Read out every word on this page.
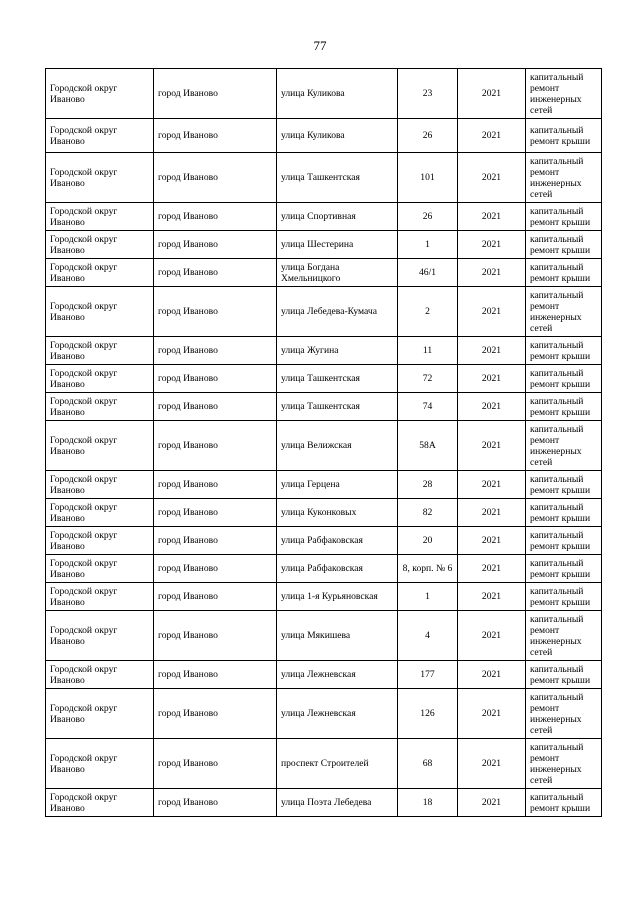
77
Городской округ Иваново	город Иваново	улица Куликова	23	2021	капитальный ремонт инженерных сетей
Городской округ Иваново	город Иваново	улица Куликова	26	2021	капитальный ремонт крыши
Городской округ Иваново	город Иваново	улица Ташкентская	101	2021	капитальный ремонт инженерных сетей
Городской округ Иваново	город Иваново	улица Спортивная	26	2021	капитальный ремонт крыши
Городской округ Иваново	город Иваново	улица Шестерина	1	2021	капитальный ремонт крыши
Городской округ Иваново	город Иваново	улица Богдана Хмельницкого	46/1	2021	капитальный ремонт крыши
Городской округ Иваново	город Иваново	улица Лебедева-Кумача	2	2021	капитальный ремонт инженерных сетей
Городской округ Иваново	город Иваново	улица Жугина	11	2021	капитальный ремонт крыши
Городской округ Иваново	город Иваново	улица Ташкентская	72	2021	капитальный ремонт крыши
Городской округ Иваново	город Иваново	улица Ташкентская	74	2021	капитальный ремонт крыши
Городской округ Иваново	город Иваново	улица Велижская	58А	2021	капитальный ремонт инженерных сетей
Городской округ Иваново	город Иваново	улица Герцена	28	2021	капитальный ремонт крыши
Городской округ Иваново	город Иваново	улица Куконковых	82	2021	капитальный ремонт крыши
Городской округ Иваново	город Иваново	улица Рабфаковская	20	2021	капитальный ремонт крыши
Городской округ Иваново	город Иваново	улица Рабфаковская	8, корп. № 6	2021	капитальный ремонт крыши
Городской округ Иваново	город Иваново	улица 1-я Курьяновская	1	2021	капитальный ремонт крыши
Городской округ Иваново	город Иваново	улица Мякишева	4	2021	капитальный ремонт инженерных сетей
Городской округ Иваново	город Иваново	улица Лежневская	177	2021	капитальный ремонт крыши
Городской округ Иваново	город Иваново	улица Лежневская	126	2021	капитальный ремонт инженерных сетей
Городской округ Иваново	город Иваново	проспект Строителей	68	2021	капитальный ремонт инженерных сетей
Городской округ Иваново	город Иваново	улица Поэта Лебедева	18	2021	капитальный ремонт крыши
